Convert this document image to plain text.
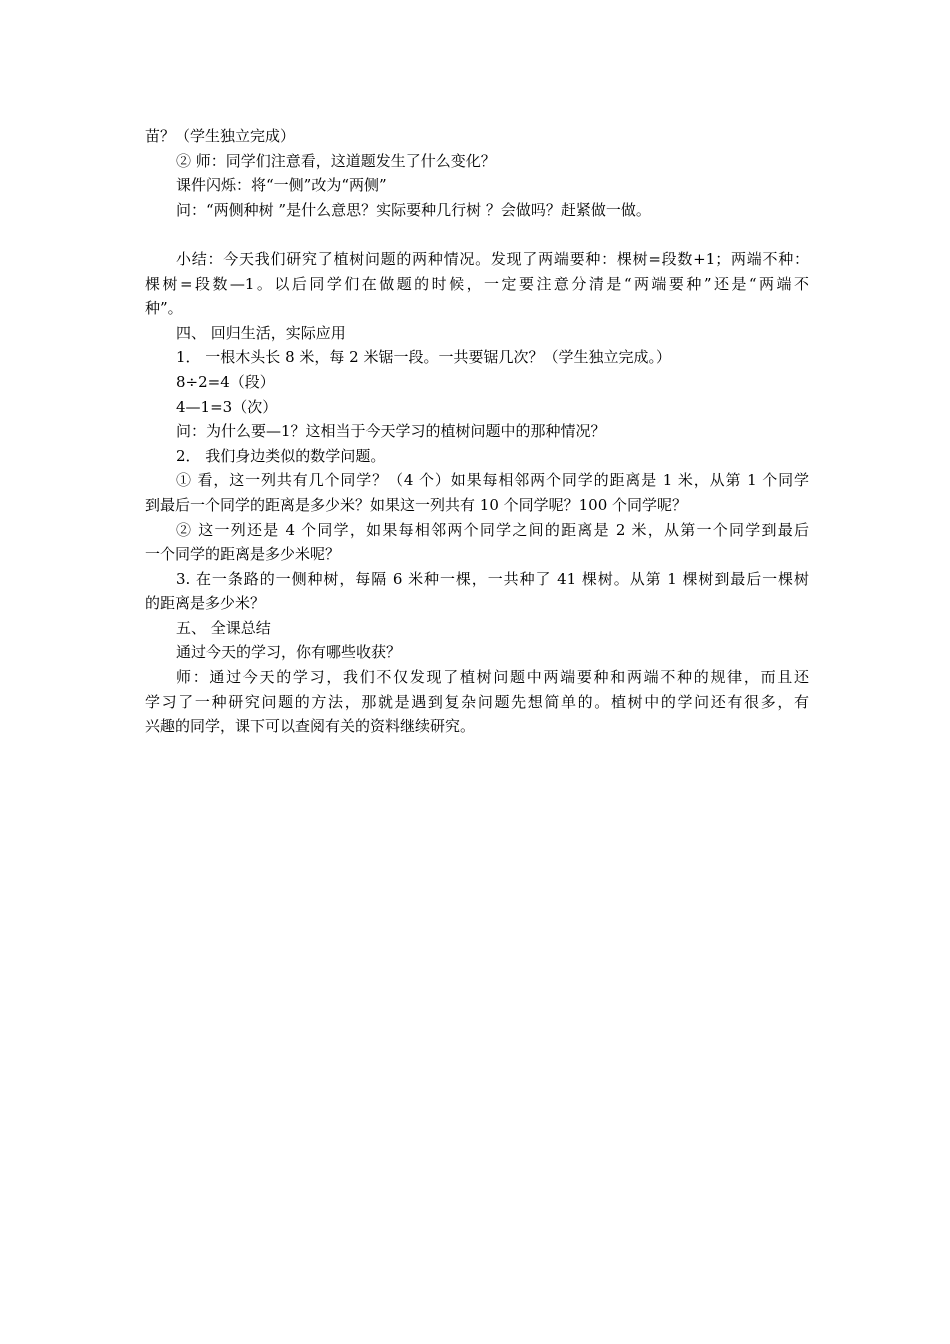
苗？（学生独立完成）
② 师：同学们注意看，这道题发生了什么变化？
课件闪烁：将“一侧”改为“两侧”
问：“两侧种树 ”是什么意思？实际要种几行树 ？会做吗？赶紧做一做。
小结：今天我们研究了植树问题的两种情况。发现了两端要种：棵树=段数+1；两端不种：
棵树=段数—1。以后同学们在做题的时候，一定要注意分清是“两端要种”还是“两端不
种”。
四、 回归生活，实际应用
1． 一根木头长 8 米，每 2 米锯一段。一共要锯几次？（学生独立完成。）
8÷2=4（段）
4—1=3（次）
问：为什么要—1？这相当于今天学习的植树问题中的那种情况？
2． 我们身边类似的数学问题。
① 看，这一列共有几个同学？（4 个）如果每相邻两个同学的距离是 1 米，从第 1 个同学
到最后一个同学的距离是多少米？如果这一列共有 10 个同学呢？100 个同学呢？
② 这一列还是 4 个同学，如果每相邻两个同学之间的距离是 2 米，从第一个同学到最后
一个同学的距离是多少米呢？
3. 在一条路的一侧种树，每隔 6 米种一棵，一共种了 41 棵树。从第 1 棵树到最后一棵树
的距离是多少米？
五、 全课总结
通过今天的学习，你有哪些收获？
师：通过今天的学习，我们不仅发现了植树问题中两端要种和两端不种的规律，而且还
学习了一种研究问题的方法，那就是遇到复杂问题先想简单的。植树中的学问还有很多，有
兴趣的同学，课下可以查阅有关的资料继续研究。
